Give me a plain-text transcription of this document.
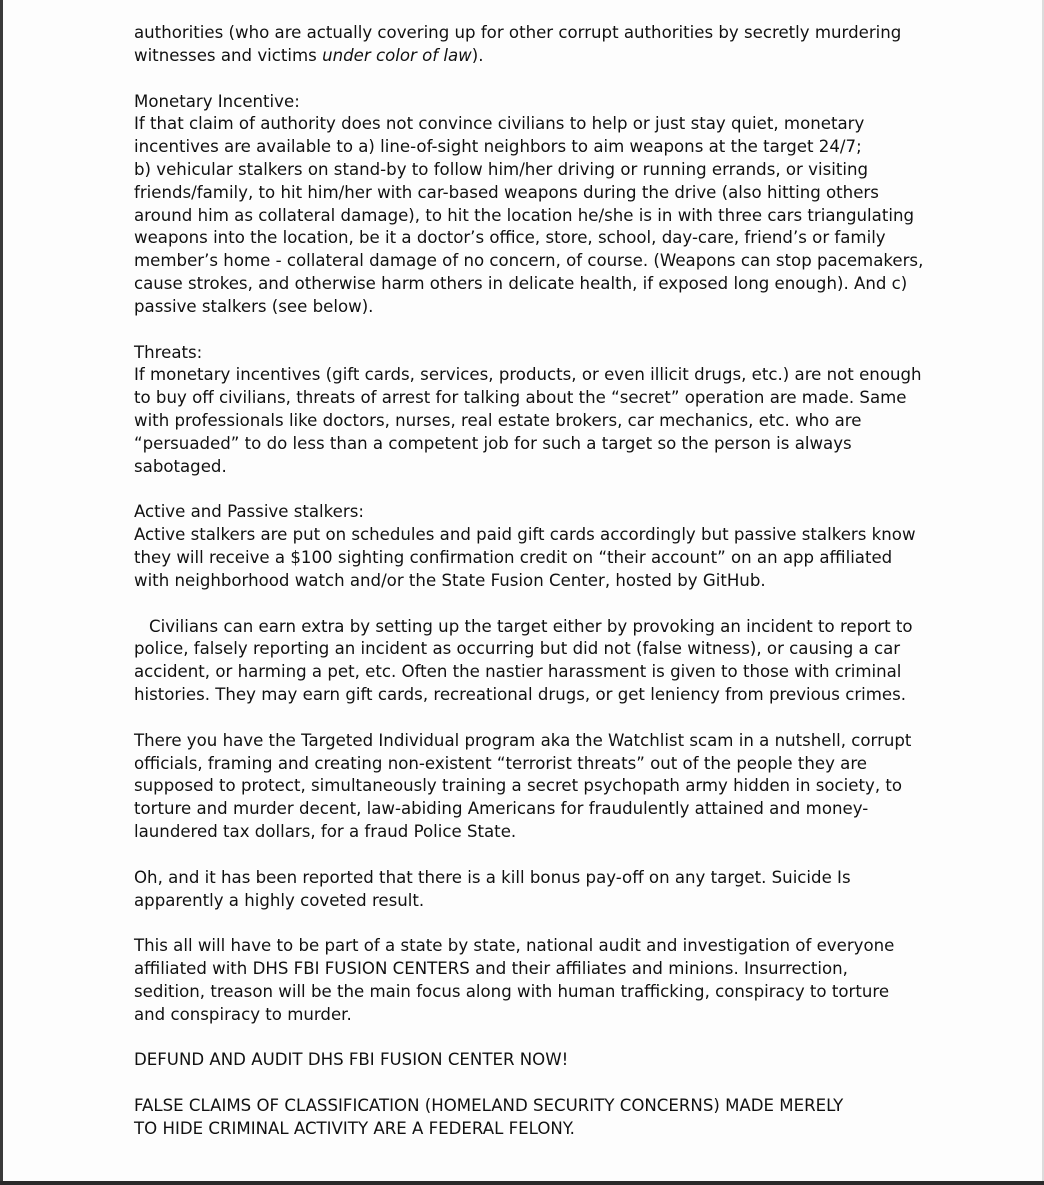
authorities (who are actually covering up for other corrupt authorities by secretly murdering
witnesses and victims under color of law).

Monetary Incentive:
If that claim of authority does not convince civilians to help or just stay quiet, monetary
incentives are available to a) line-of-sight neighbors to aim weapons at the target 24/7;
b) vehicular stalkers on stand-by to follow him/her driving or running errands, or visiting
friends/family, to hit him/her with car-based weapons during the drive (also hitting others
around him as collateral damage), to hit the location he/she is in with three cars triangulating
weapons into the location, be it a doctor’s office, store, school, day-care, friend’s or family
member’s home - collateral damage of no concern, of course. (Weapons can stop pacemakers,
cause strokes, and otherwise harm others in delicate health, if exposed long enough). And c)
passive stalkers (see below).

Threats:
If monetary incentives (gift cards, services, products, or even illicit drugs, etc.) are not enough
to buy off civilians, threats of arrest for talking about the “secret” operation are made. Same
with professionals like doctors, nurses, real estate brokers, car mechanics, etc. who are
“persuaded” to do less than a competent job for such a target so the person is always
sabotaged.

Active and Passive stalkers:
Active stalkers are put on schedules and paid gift cards accordingly but passive stalkers know
they will receive a $100 sighting confirmation credit on “their account” on an app affiliated
with neighborhood watch and/or the State Fusion Center, hosted by GitHub.

Civilians can earn extra by setting up the target either by provoking an incident to report to
police, falsely reporting an incident as occurring but did not (false witness), or causing a car
accident, or harming a pet, etc. Often the nastier harassment is given to those with criminal
histories. They may earn gift cards, recreational drugs, or get leniency from previous crimes.

There you have the Targeted Individual program aka the Watchlist scam in a nutshell, corrupt
officials, framing and creating non-existent “terrorist threats” out of the people they are
supposed to protect, simultaneously training a secret psychopath army hidden in society, to
torture and murder decent, law-abiding Americans for fraudulently attained and money-
laundered tax dollars, for a fraud Police State.

Oh, and it has been reported that there is a kill bonus pay-off on any target. Suicide Is
apparently a highly coveted result.

This all will have to be part of a state by state, national audit and investigation of everyone
affiliated with DHS FBI FUSION CENTERS and their affiliates and minions. Insurrection,
sedition, treason will be the main focus along with human trafficking, conspiracy to torture
and conspiracy to murder.

DEFUND AND AUDIT DHS FBI FUSION CENTER NOW!

FALSE CLAIMS OF CLASSIFICATION (HOMELAND SECURITY CONCERNS) MADE MERELY
TO HIDE CRIMINAL ACTIVITY ARE A FEDERAL FELONY.
